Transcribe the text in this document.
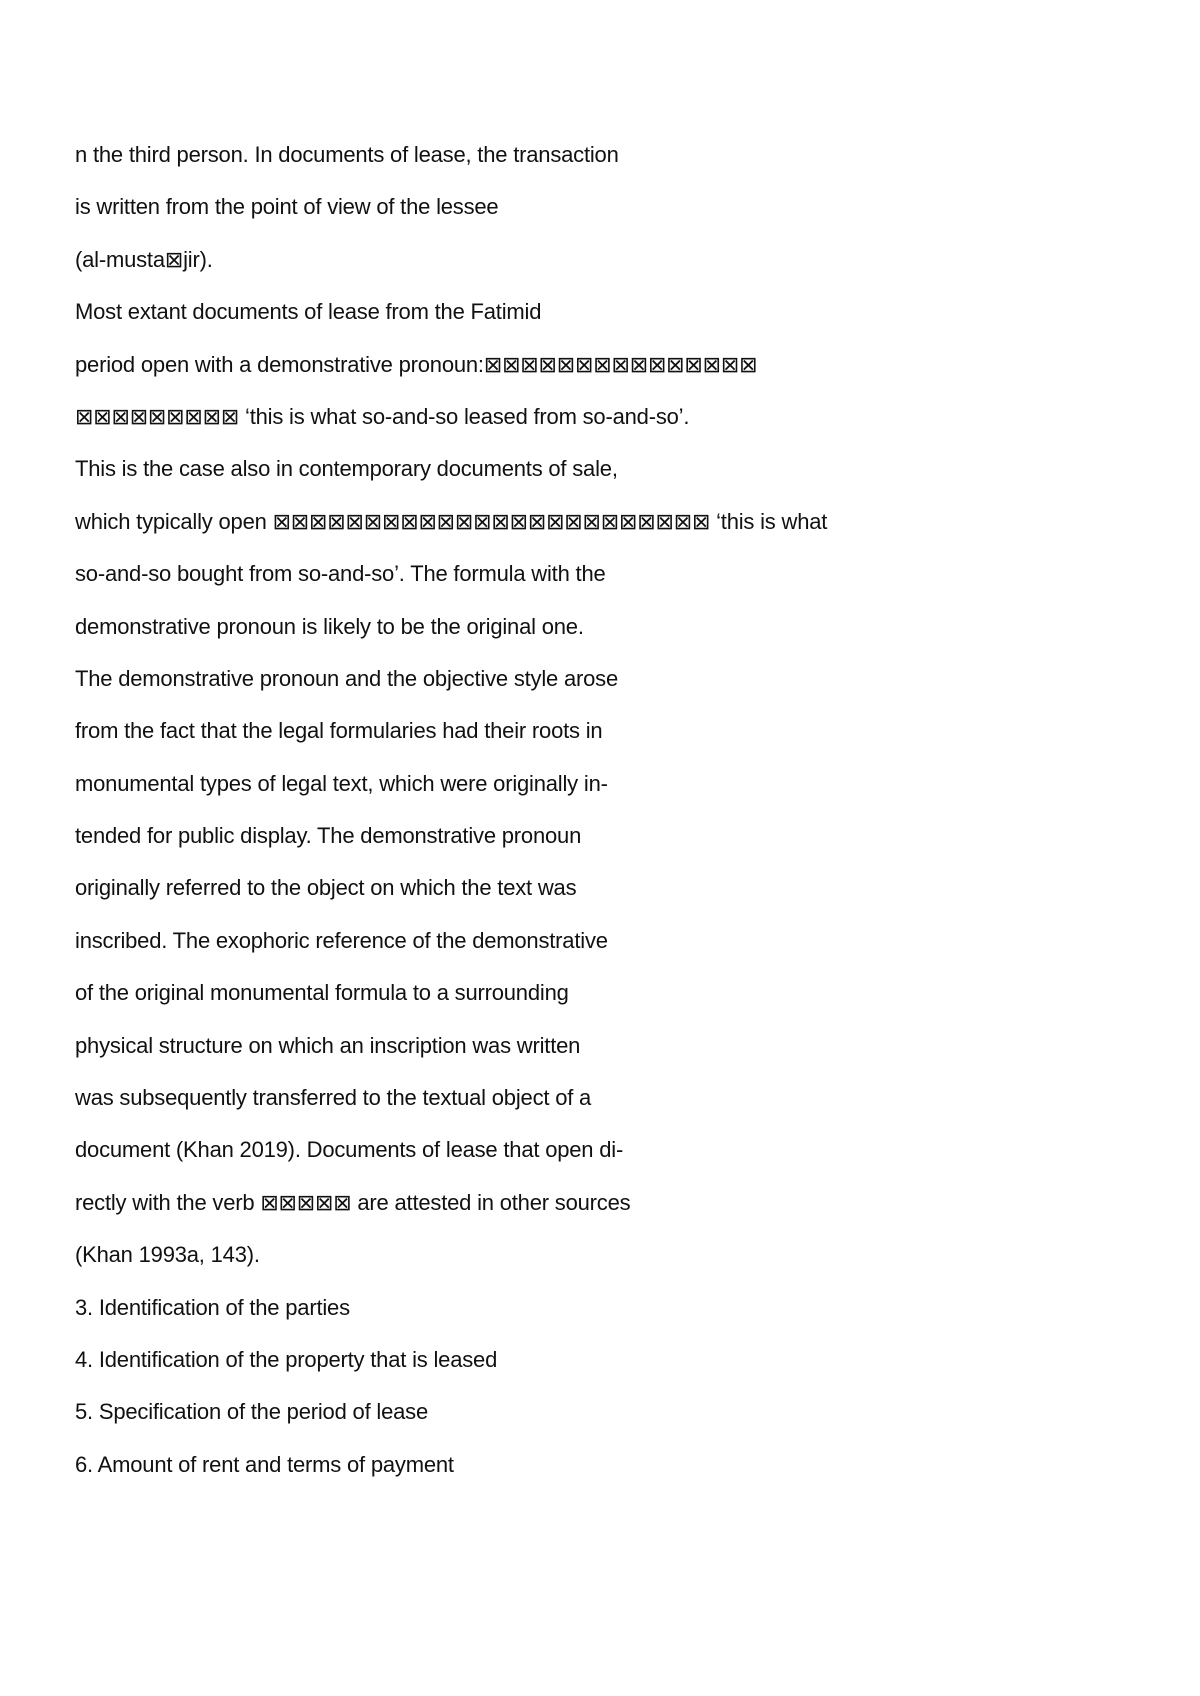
n the third person. In documents of lease, the transaction
is written from the point of view of the lessee
(al-musta⊠jir).
Most extant documents of lease from the Fatimid
period open with a demonstrative pronoun:⊠⊠⊠⊠⊠⊠⊠⊠⊠⊠⊠⊠⊠⊠⊠
⊠⊠⊠⊠⊠⊠⊠⊠⊠ ‘this is what so-and-so leased from so-and-so’.
This is the case also in contemporary documents of sale,
which typically open ⊠⊠⊠⊠⊠⊠⊠⊠⊠⊠⊠⊠⊠⊠⊠⊠⊠⊠⊠⊠⊠⊠⊠⊠ ‘this is what
so-and-so bought from so-and-so’. The formula with the
demonstrative pronoun is likely to be the original one.
The demonstrative pronoun and the objective style arose
from the fact that the legal formularies had their roots in
monumental types of legal text, which were originally in-
tended for public display. The demonstrative pronoun
originally referred to the object on which the text was
inscribed. The exophoric reference of the demonstrative
of the original monumental formula to a surrounding
physical structure on which an inscription was written
was subsequently transferred to the textual object of a
document (Khan 2019). Documents of lease that open di-
rectly with the verb ⊠⊠⊠⊠⊠ are attested in other sources
(Khan 1993a, 143).
3. Identification of the parties
4. Identification of the property that is leased
5. Specification of the period of lease
6. Amount of rent and terms of payment
